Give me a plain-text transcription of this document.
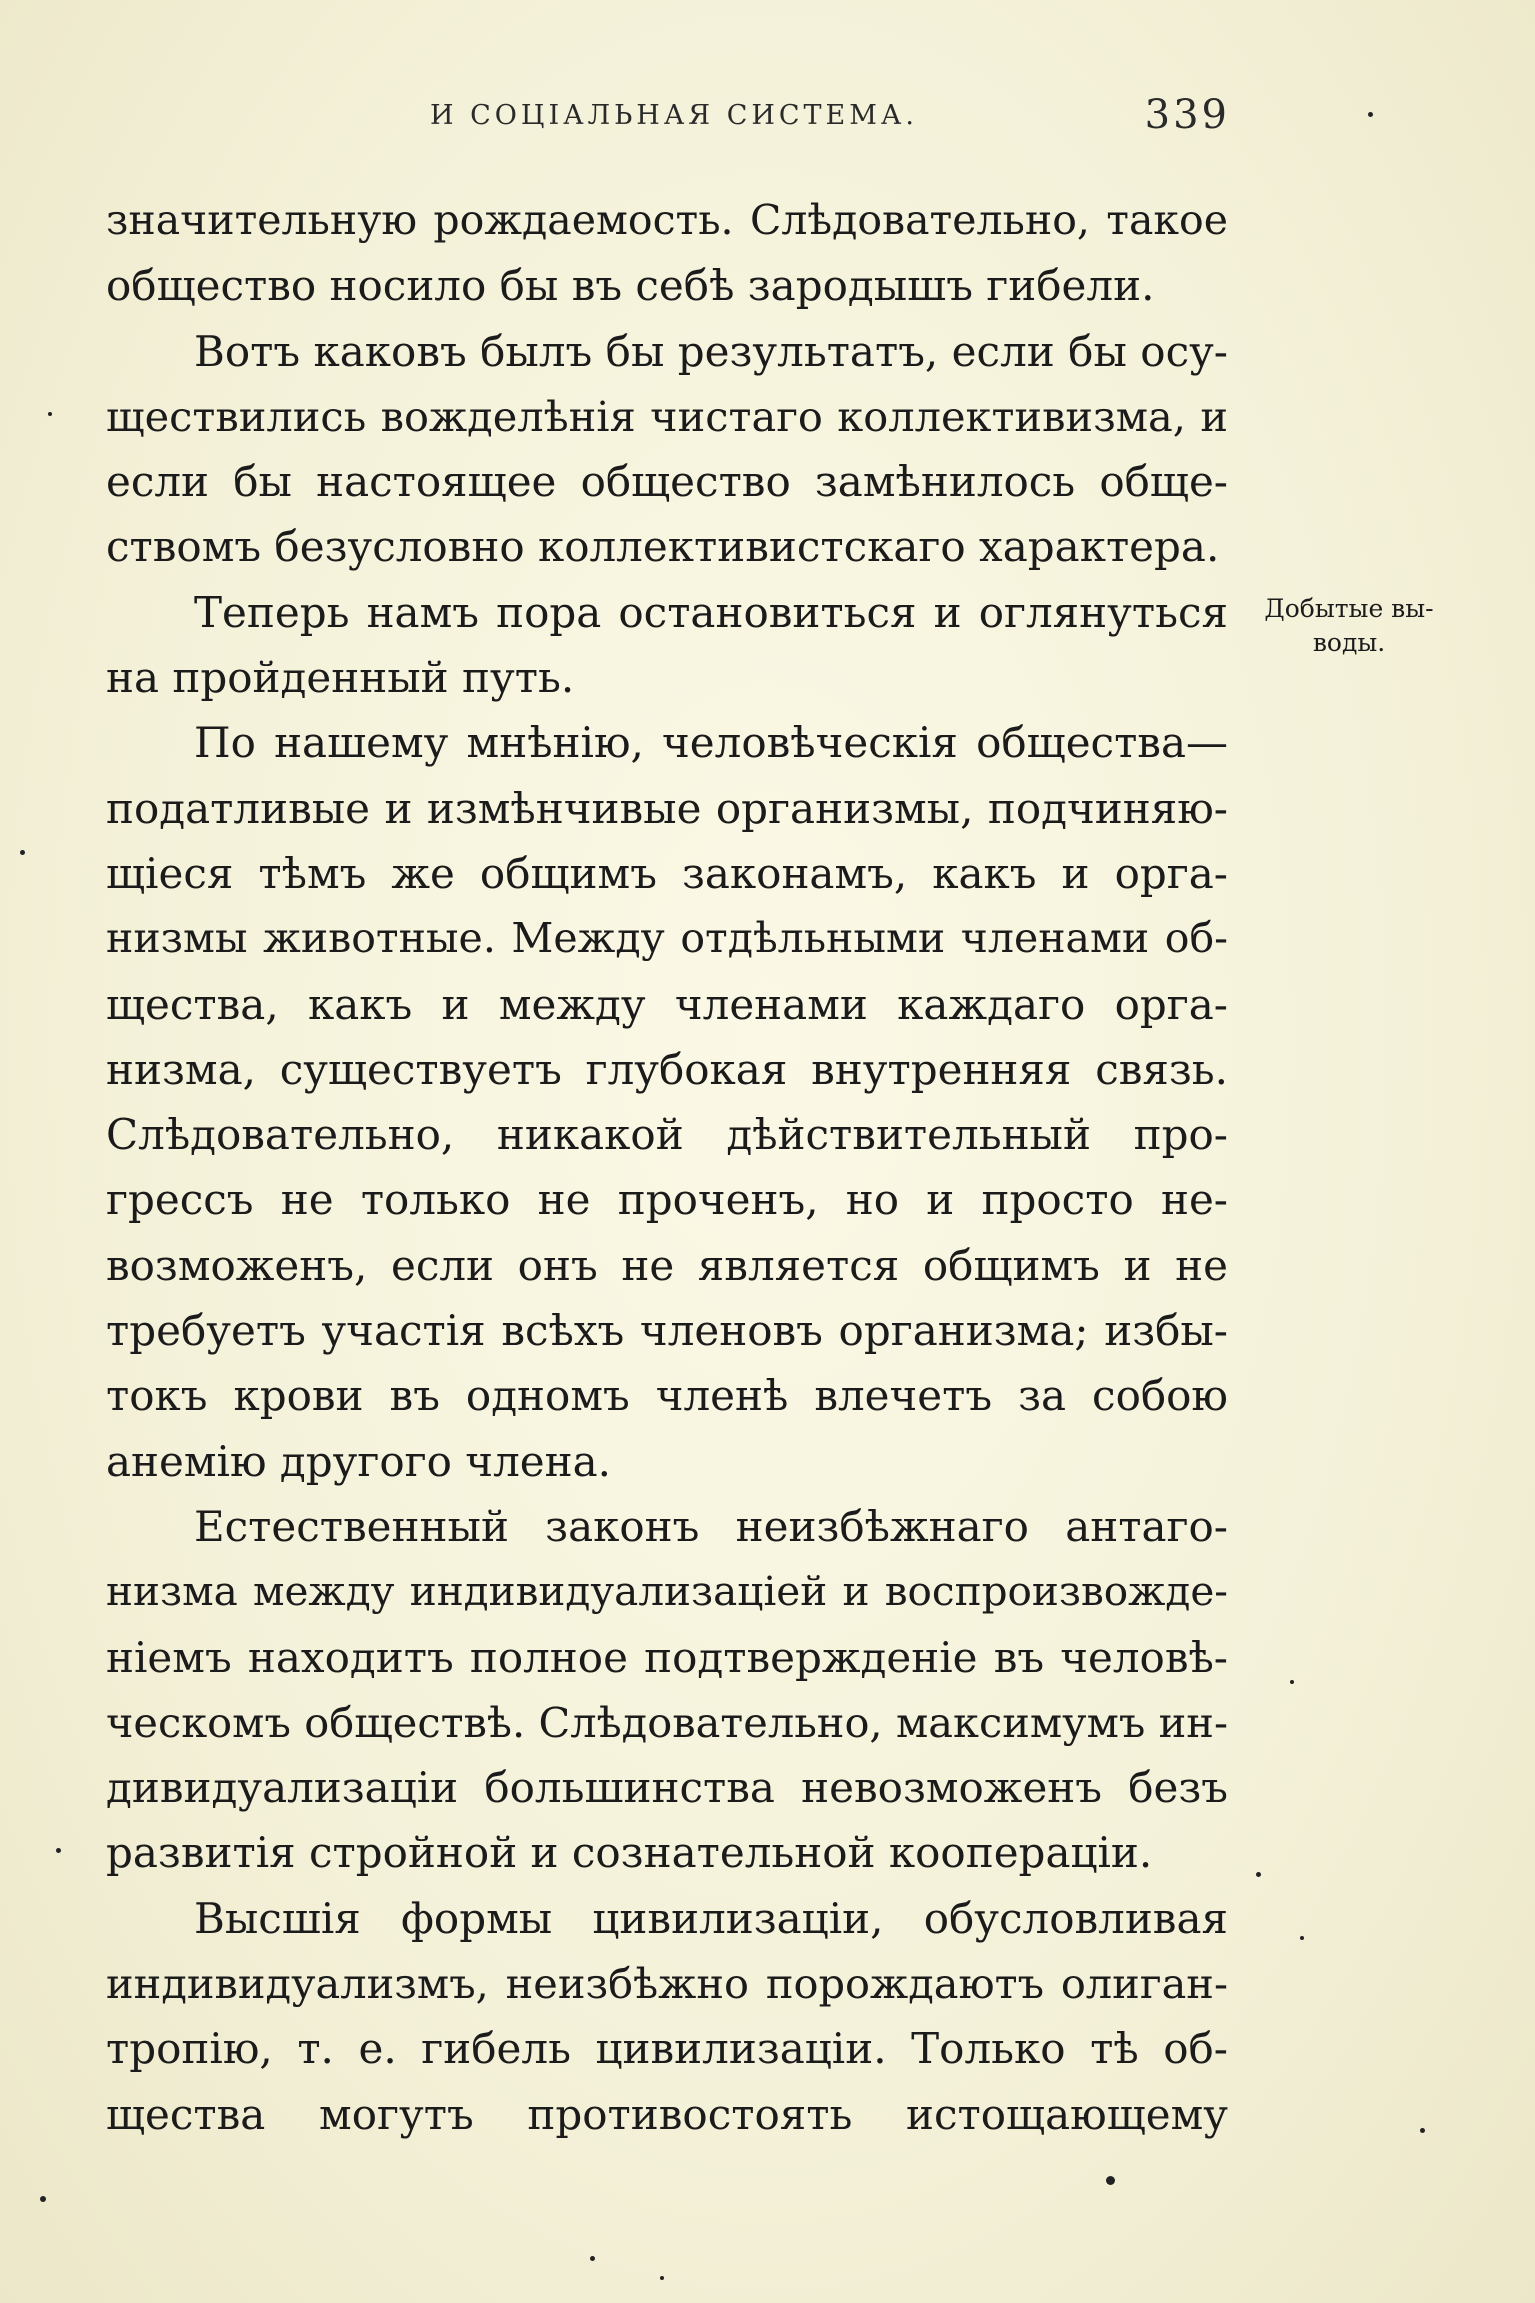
И СОЦІАЛЬНАЯ СИСТЕМА.	339
значительную рождаемость. Слѣдовательно, такое
общество носило бы въ себѣ зародышъ гибели.
Вотъ каковъ былъ бы результатъ, если бы осу-
ществились вожделѣнія чистаго коллективизма, и
если бы настоящее общество замѣнилось обще-
ствомъ безусловно коллективистскаго характера.
Теперь намъ пора остановиться и оглянуться
на пройденный путь.
По нашему мнѣнію, человѣческія общества—
податливые и измѣнчивые организмы, подчиняю-
щіеся тѣмъ же общимъ законамъ, какъ и орга-
низмы животные. Между отдѣльными членами об-
щества, какъ и между членами каждаго орга-
низма, существуетъ глубокая внутренняя связь.
Слѣдовательно, никакой дѣйствительный про-
грессъ не только не проченъ, но и просто не-
возможенъ, если онъ не является общимъ и не
требуетъ участія всѣхъ членовъ организма; избы-
токъ крови въ одномъ членѣ влечетъ за собою
анемію другого члена.
Естественный законъ неизбѣжнаго антаго-
низма между индивидуализаціей и воспроизвожде-
ніемъ находитъ полное подтвержденіе въ человѣ-
ческомъ обществѣ. Слѣдовательно, максимумъ ин-
дивидуализаціи большинства невозможенъ безъ
развитія стройной и сознательной коопераціи.
Высшія формы цивилизаціи, обусловливая
индивидуализмъ, неизбѣжно порождаютъ олиган-
тропію, т. е. гибель цивилизаціи. Только тѣ об-
щества могутъ противостоять истощающему
Добытые вы-
воды.
